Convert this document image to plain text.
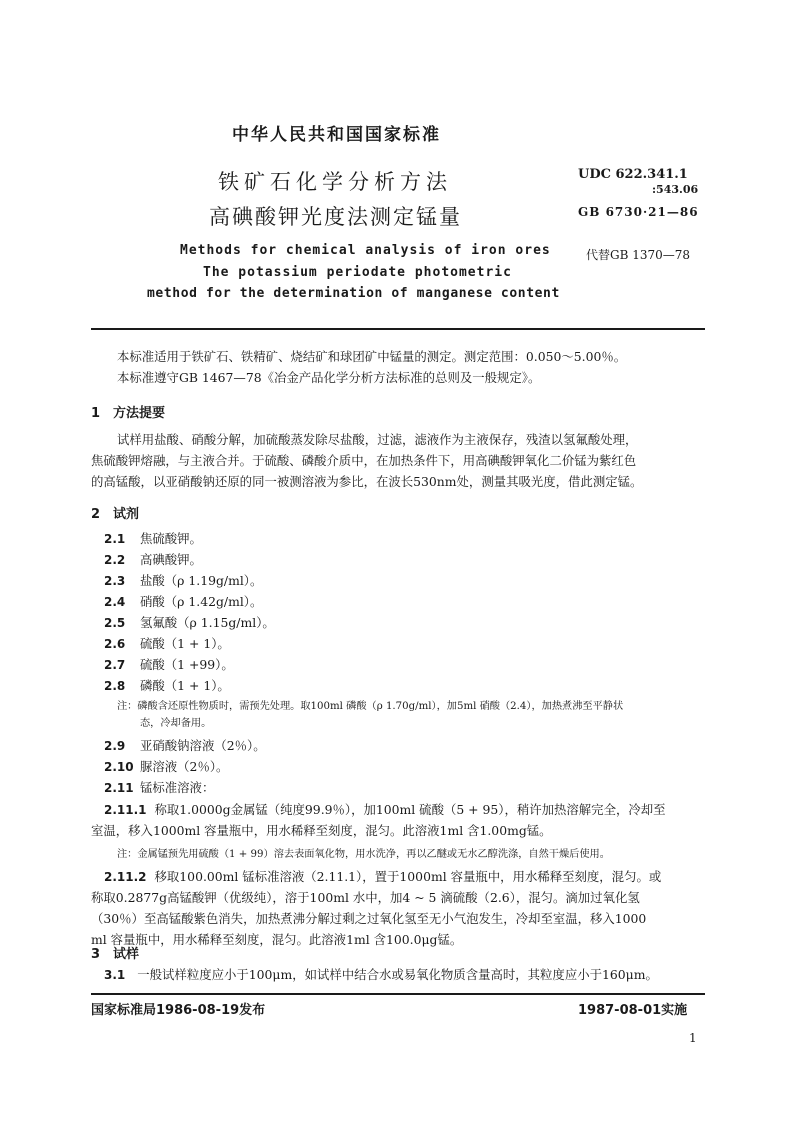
中华人民共和国国家标准
铁矿石化学分析方法
高碘酸钾光度法测定锰量
UDC 622.341.1
:543.06
GB 6730·21—86
代替GB 1370—78
Methods for chemical analysis of iron ores
The potassium periodate photometric
method for the determination of manganese content
本标准适用于铁矿石、铁精矿、烧结矿和球团矿中锰量的测定。测定范围：0.050～5.00％。
本标准遵守GB 1467—78《冶金产品化学分析方法标准的总则及一般规定》。
1　方法提要
试样用盐酸、硝酸分解，加硫酸蒸发除尽盐酸，过滤，滤液作为主液保存，残渣以氢氟酸处理，
焦硫酸钾熔融，与主液合并。于硫酸、磷酸介质中，在加热条件下，用高碘酸钾氧化二价锰为紫红色
的高锰酸，以亚硝酸钠还原的同一被测溶液为参比，在波长530nm处，测量其吸光度，借此测定锰。
2　试剂
2.1 焦硫酸钾。
2.2 高碘酸钾。
2.3 盐酸（ρ 1.19g/ml）。
2.4 硝酸（ρ 1.42g/ml）。
2.5 氢氟酸（ρ 1.15g/ml）。
2.6 硫酸（1 + 1）。
2.7 硫酸（1 +99）。
2.8 磷酸（1 + 1）。
注：磷酸含还原性物质时，需预先处理。取100ml 磷酸（ρ 1.70g/ml），加5ml 硝酸（2.4），加热煮沸至平静状
态，冷却备用。
2.9 亚硝酸钠溶液（2％）。
2.10 脲溶液（2％）。
2.11 锰标准溶液：
2.11.1 称取1.0000g金属锰（纯度99.9％），加100ml 硫酸（5 + 95），稍许加热溶解完全，冷却至
室温，移入1000ml 容量瓶中，用水稀释至刻度，混匀。此溶液1ml 含1.00mg锰。
注：金属锰预先用硫酸（1 + 99）溶去表面氧化物，用水洗净，再以乙醚或无水乙醇洗涤，自然干燥后使用。
2.11.2 移取100.00ml 锰标准溶液（2.11.1），置于1000ml 容量瓶中，用水稀释至刻度，混匀。或
称取0.2877g高锰酸钾（优级纯），溶于100ml 水中，加4 ~ 5 滴硫酸（2.6），混匀。滴加过氧化氢
（30％）至高锰酸紫色消失，加热煮沸分解过剩之过氧化氢至无小气泡发生，冷却至室温，移入1000
ml 容量瓶中，用水稀释至刻度，混匀。此溶液1ml 含100.0μg锰。
3　试样
3.1 一般试样粒度应小于100μm，如试样中结合水或易氧化物质含量高时，其粒度应小于160μm。
国家标准局1986-08-19发布	1987-08-01实施
1
